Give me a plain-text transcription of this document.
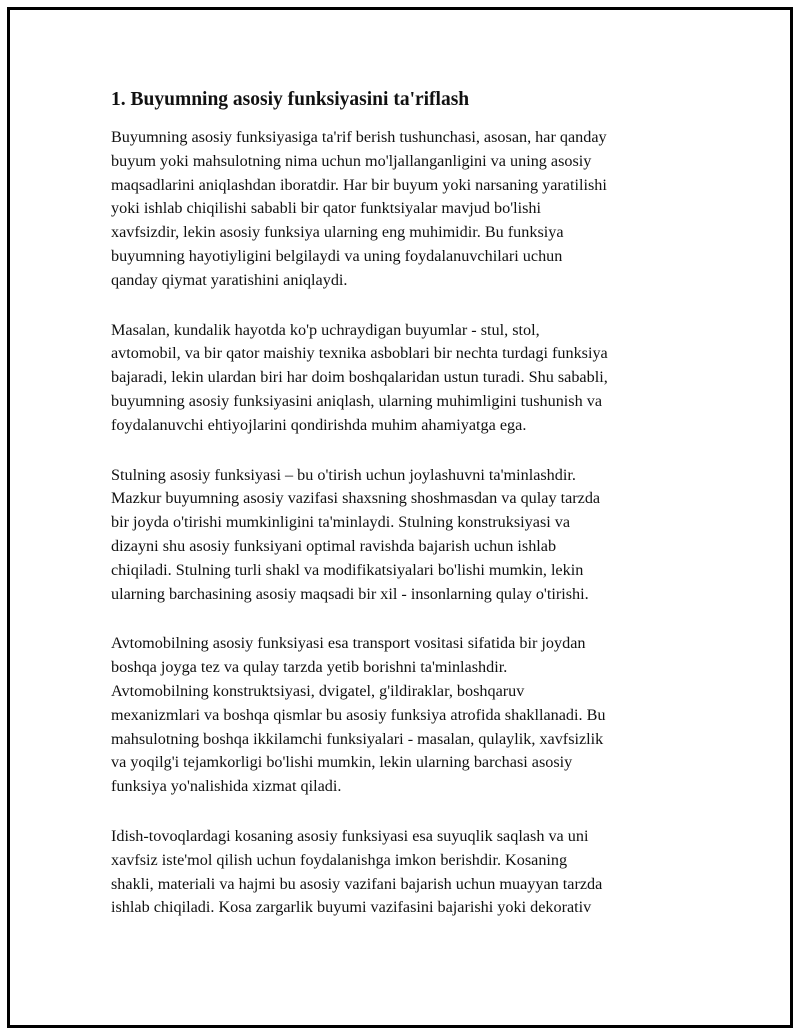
1. Buyumning asosiy funksiyasini ta'riflash

Buyumning asosiy funksiyasiga ta'rif berish tushunchasi, asosan, har qanday
buyum yoki mahsulotning nima uchun mo'ljallanganligini va uning asosiy
maqsadlarini aniqlashdan iboratdir. Har bir buyum yoki narsaning yaratilishi
yoki ishlab chiqilishi sababli bir qator funktsiyalar mavjud bo'lishi
xavfsizdir, lekin asosiy funksiya ularning eng muhimidir. Bu funksiya
buyumning hayotiyligini belgilaydi va uning foydalanuvchilari uchun
qanday qiymat yaratishini aniqlaydi.

Masalan, kundalik hayotda ko'p uchraydigan buyumlar - stul, stol,
avtomobil, va bir qator maishiy texnika asboblari bir nechta turdagi funksiya
bajaradi, lekin ulardan biri har doim boshqalaridan ustun turadi. Shu sababli,
buyumning asosiy funksiyasini aniqlash, ularning muhimligini tushunish va
foydalanuvchi ehtiyojlarini qondirishda muhim ahamiyatga ega.

Stulning asosiy funksiyasi – bu o'tirish uchun joylashuvni ta'minlashdir.
Mazkur buyumning asosiy vazifasi shaxsning shoshmasdan va qulay tarzda
bir joyda o'tirishi mumkinligini ta'minlaydi. Stulning konstruksiyasi va
dizayni shu asosiy funksiyani optimal ravishda bajarish uchun ishlab
chiqiladi. Stulning turli shakl va modifikatsiyalari bo'lishi mumkin, lekin
ularning barchasining asosiy maqsadi bir xil - insonlarning qulay o'tirishi.

Avtomobilning asosiy funksiyasi esa transport vositasi sifatida bir joydan
boshqa joyga tez va qulay tarzda yetib borishni ta'minlashdir.
Avtomobilning konstruktsiyasi, dvigatel, g'ildiraklar, boshqaruv
mexanizmlari va boshqa qismlar bu asosiy funksiya atrofida shakllanadi. Bu
mahsulotning boshqa ikkilamchi funksiyalari - masalan, qulaylik, xavfsizlik
va yoqilg'i tejamkorligi bo'lishi mumkin, lekin ularning barchasi asosiy
funksiya yo'nalishida xizmat qiladi.

Idish-tovoqlardagi kosaning asosiy funksiyasi esa suyuqlik saqlash va uni
xavfsiz iste'mol qilish uchun foydalanishga imkon berishdir. Kosaning
shakli, materiali va hajmi bu asosiy vazifani bajarish uchun muayyan tarzda
ishlab chiqiladi. Kosa zargarlik buyumi vazifasini bajarishi yoki dekorativ
